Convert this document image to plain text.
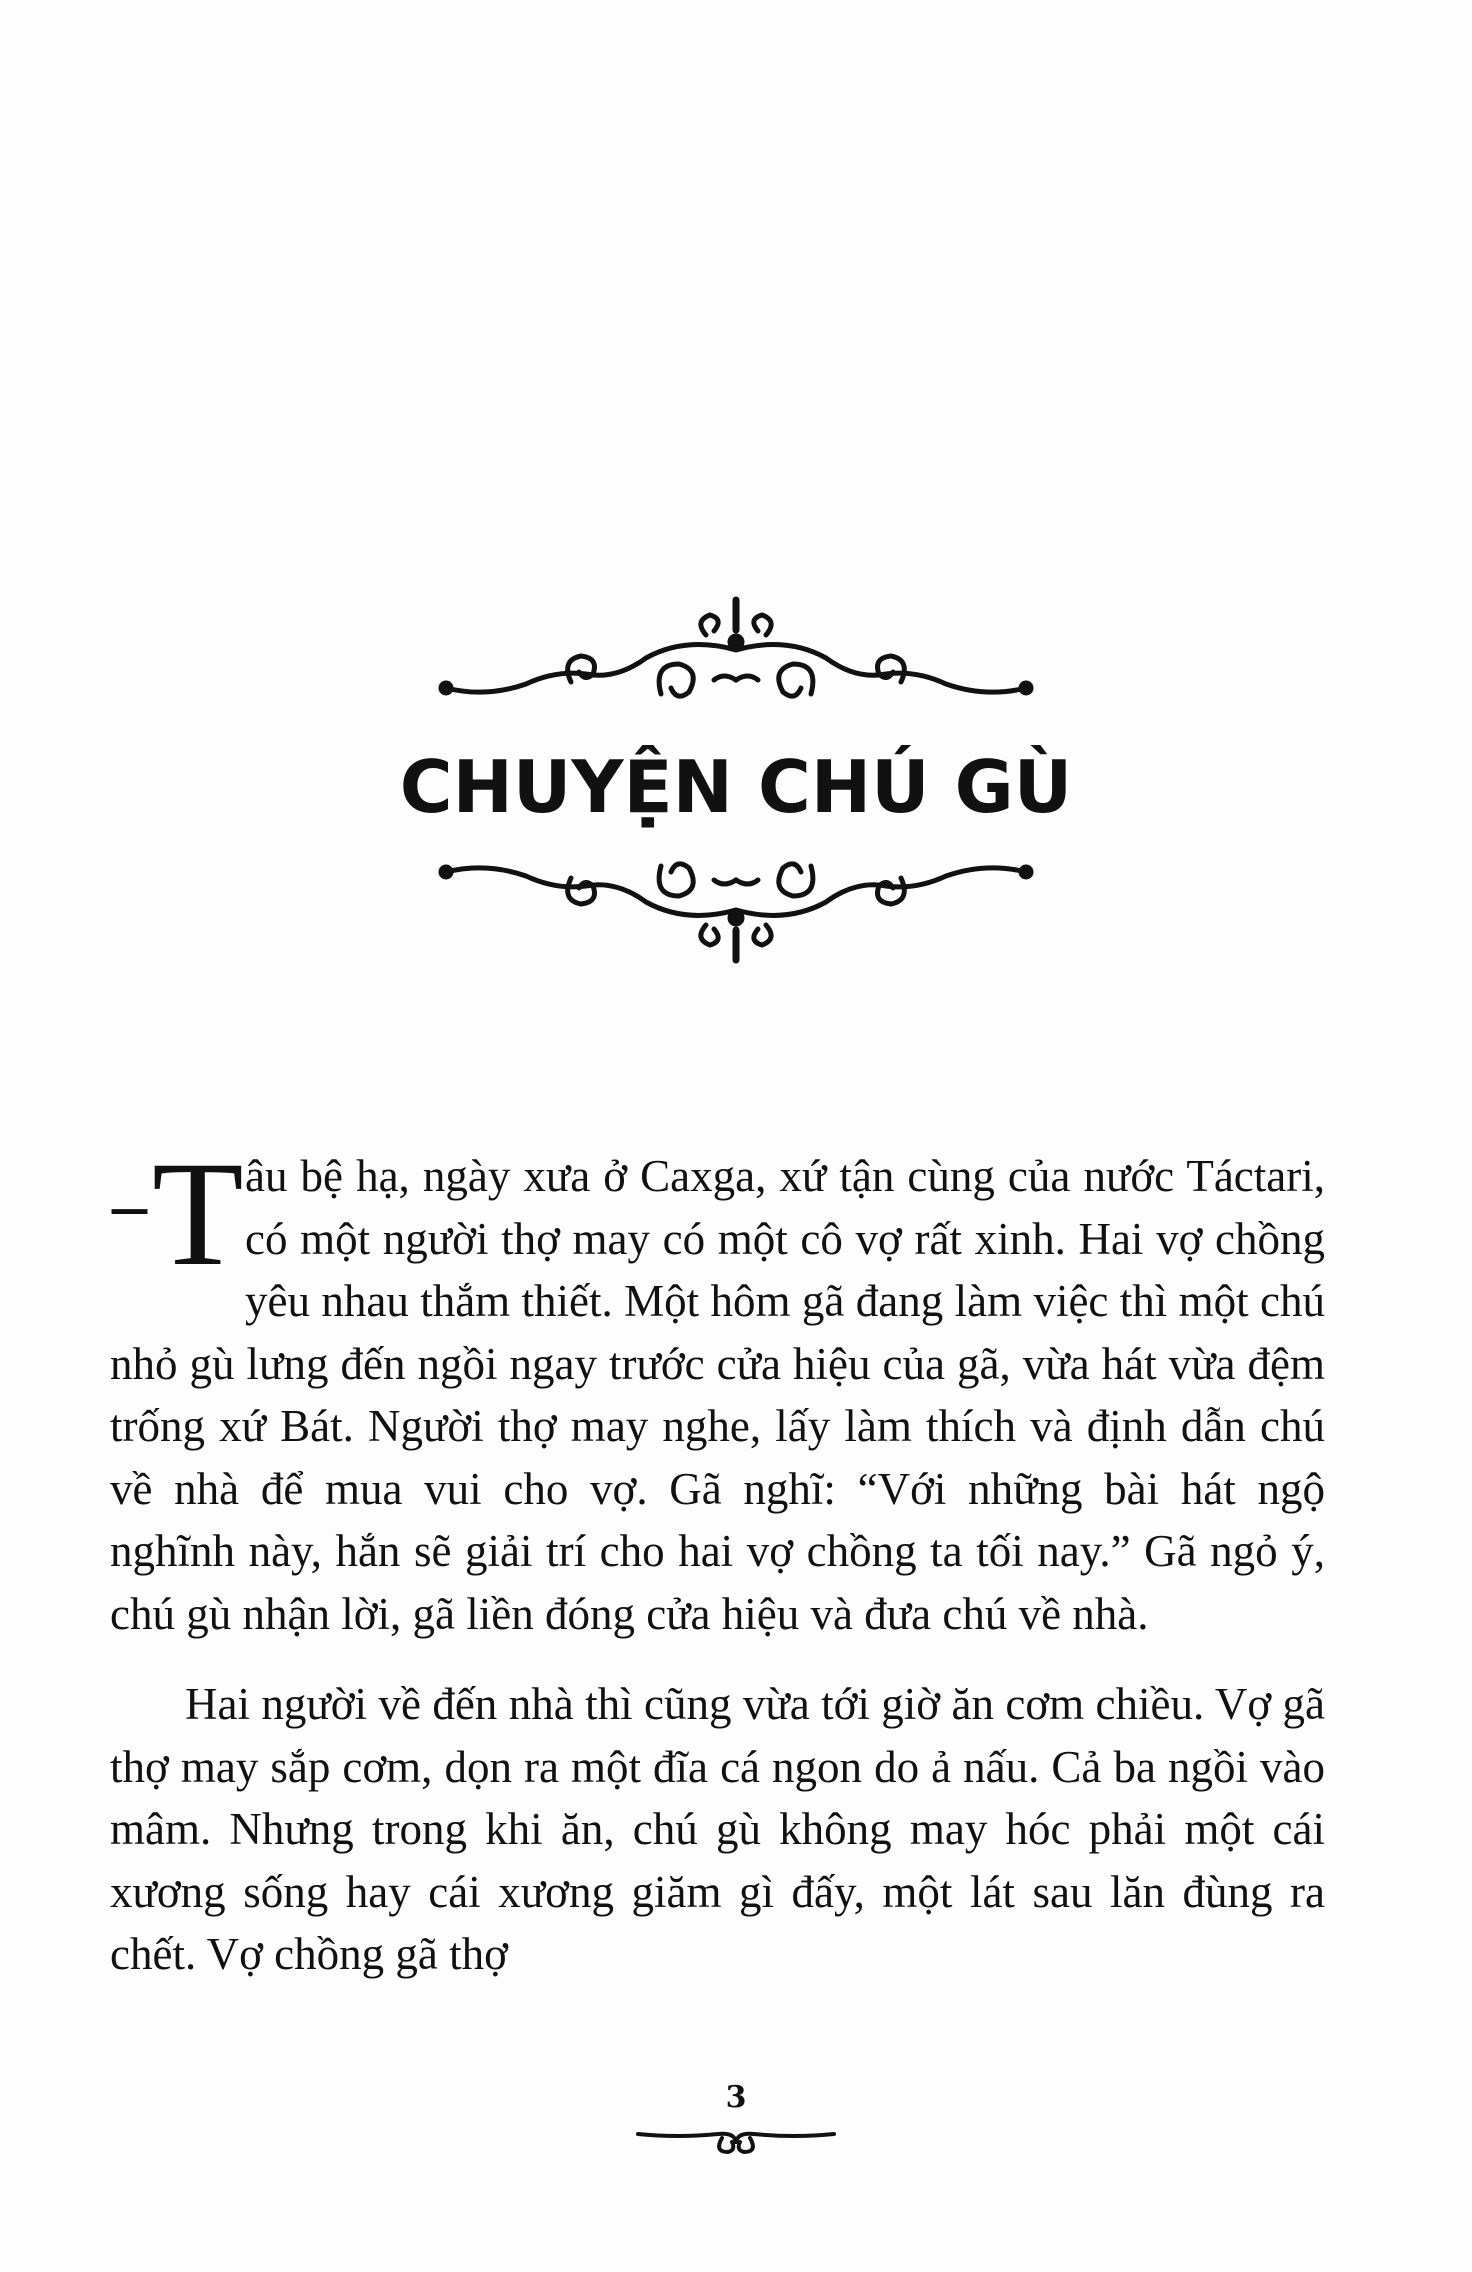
CHUYỆN CHÚ GÙ

– T âu bệ hạ, ngày xưa ở Caxga, xứ tận cùng của nước Táctari, có một người thợ may có một cô vợ rất xinh. Hai vợ chồng yêu nhau thắm thiết. Một hôm gã đang làm việc thì một chú nhỏ gù lưng đến ngồi ngay trước cửa hiệu của gã, vừa hát vừa đệm trống xứ Bát. Người thợ may nghe, lấy làm thích và định dẫn chú về nhà để mua vui cho vợ. Gã nghĩ: “Với những bài hát ngộ nghĩnh này, hắn sẽ giải trí cho hai vợ chồng ta tối nay.” Gã ngỏ ý, chú gù nhận lời, gã liền đóng cửa hiệu và đưa chú về nhà.

Hai người về đến nhà thì cũng vừa tới giờ ăn cơm chiều. Vợ gã thợ may sắp cơm, dọn ra một đĩa cá ngon do ả nấu. Cả ba ngồi vào mâm. Nhưng trong khi ăn, chú gù không may hóc phải một cái xương sống hay cái xương giăm gì đấy, một lát sau lăn đùng ra chết. Vợ chồng gã thợ

3
